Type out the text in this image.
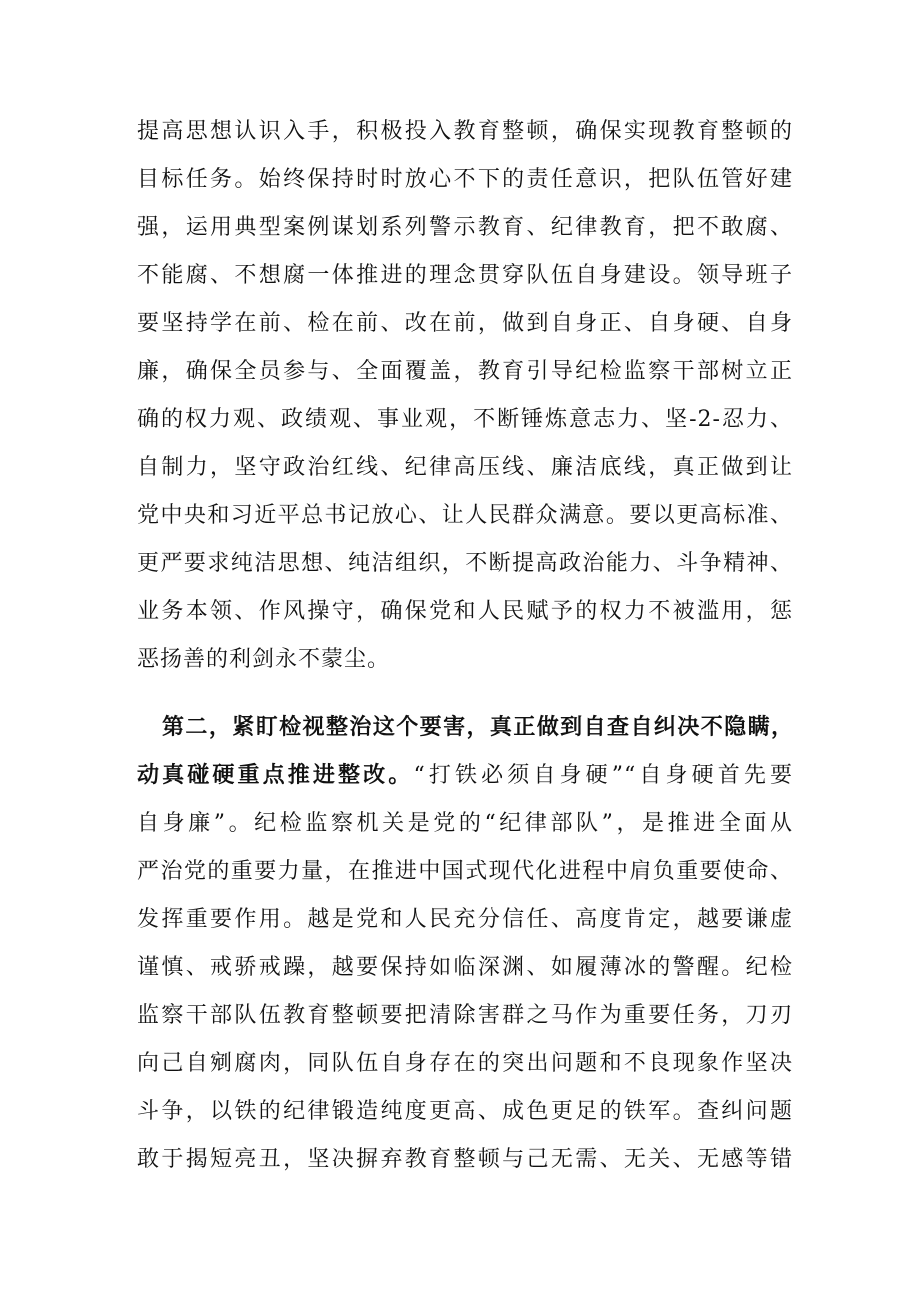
提高思想认识入手，积极投入教育整顿，确保实现教育整顿的
目标任务。始终保持时时放心不下的责任意识，把队伍管好建
强，运用典型案例谋划系列警示教育、纪律教育，把不敢腐、
不能腐、不想腐一体推进的理念贯穿队伍自身建设。领导班子
要坚持学在前、检在前、改在前，做到自身正、自身硬、自身
廉，确保全员参与、全面覆盖，教育引导纪检监察干部树立正
确的权力观、政绩观、事业观，不断锤炼意志力、坚-2-忍力、
自制力，坚守政治红线、纪律高压线、廉洁底线，真正做到让
党中央和习近平总书记放心、让人民群众满意。要以更高标准、
更严要求纯洁思想、纯洁组织，不断提高政治能力、斗争精神、
业务本领、作风操守，确保党和人民赋予的权力不被滥用，惩
恶扬善的利剑永不蒙尘。
第二，紧盯检视整治这个要害，真正做到自查自纠决不隐瞒，
动真碰硬重点推进整改。“打铁必须自身硬”“自身硬首先要
自身廉”。纪检监察机关是党的“纪律部队”，是推进全面从
严治党的重要力量，在推进中国式现代化进程中肩负重要使命、
发挥重要作用。越是党和人民充分信任、高度肯定，越要谦虚
谨慎、戒骄戒躁，越要保持如临深渊、如履薄冰的警醒。纪检
监察干部队伍教育整顿要把清除害群之马作为重要任务，刀刃
向己自剜腐肉，同队伍自身存在的突出问题和不良现象作坚决
斗争，以铁的纪律锻造纯度更高、成色更足的铁军。查纠问题
敢于揭短亮丑，坚决摒弃教育整顿与己无需、无关、无感等错
